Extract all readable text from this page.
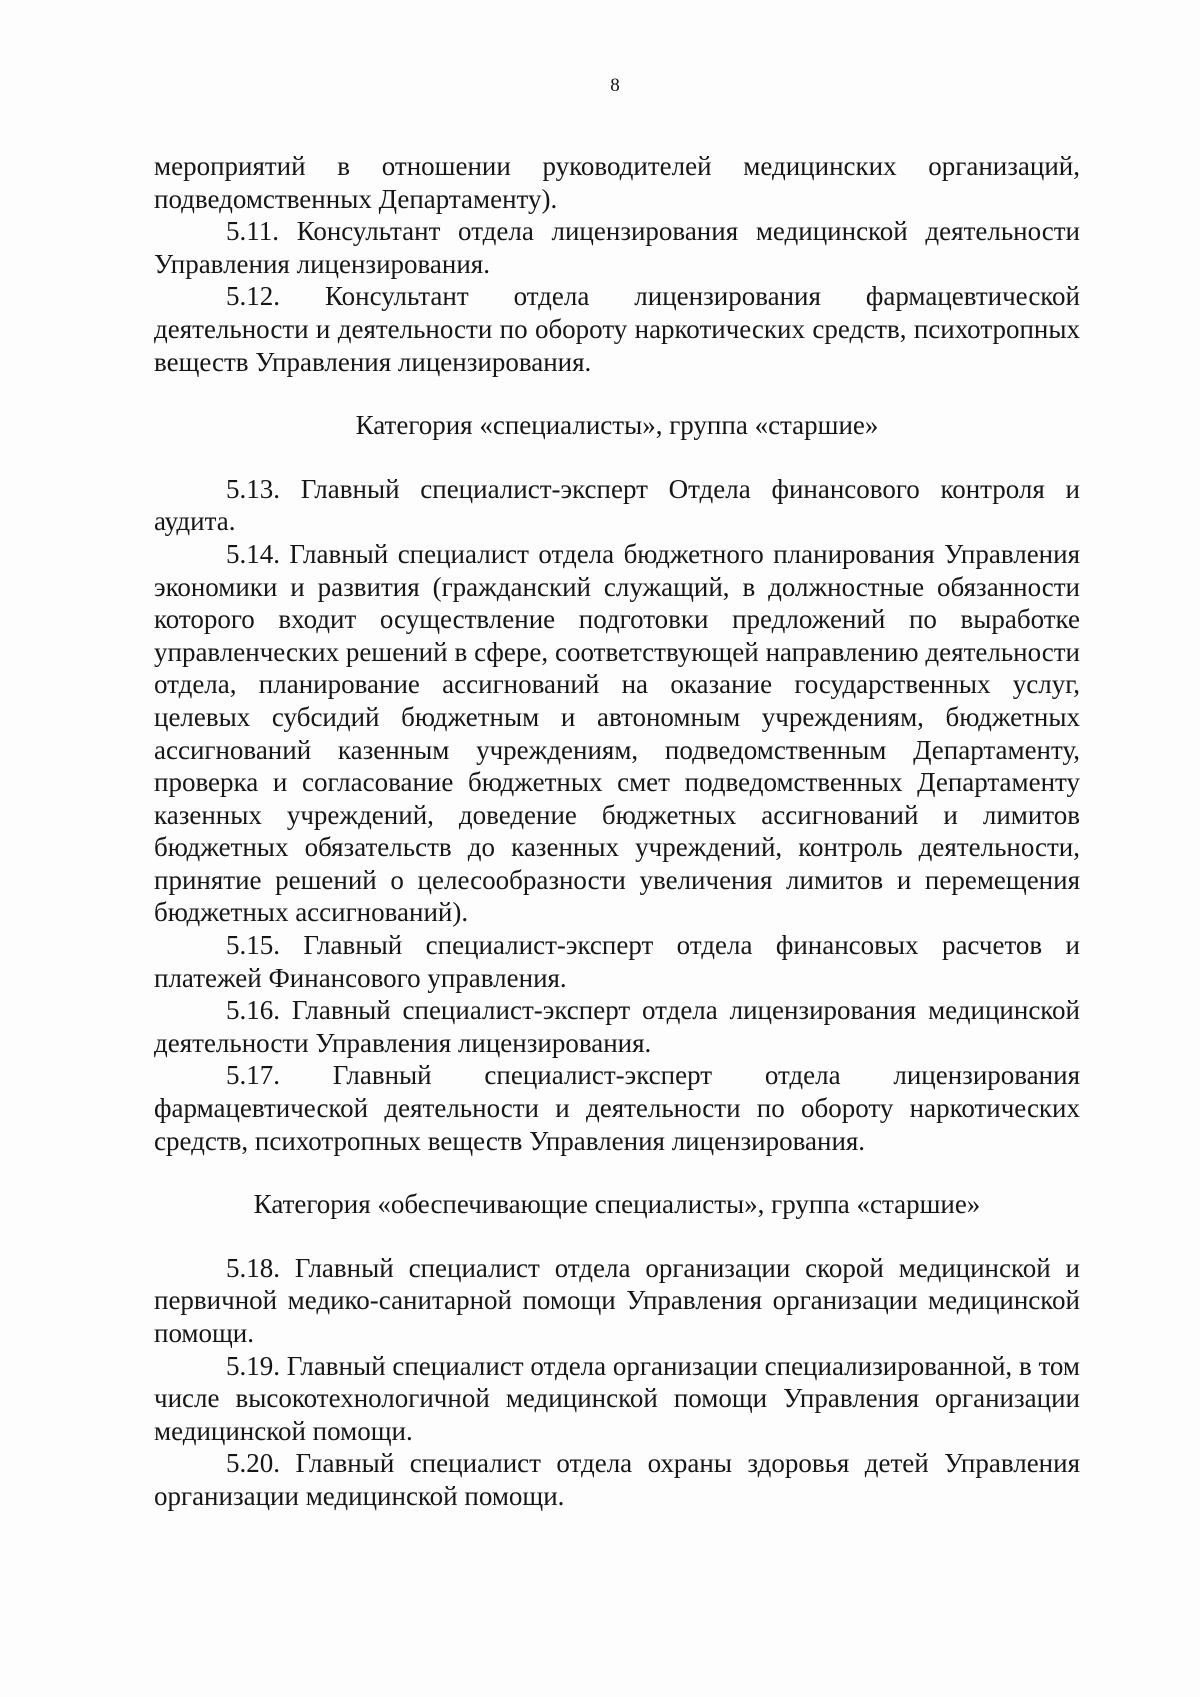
8

мероприятий в отношении руководителей медицинских организаций, подведомственных Департаменту).

5.11. Консультант отдела лицензирования медицинской деятельности Управления лицензирования.

5.12. Консультант отдела лицензирования фармацевтической деятельности и деятельности по обороту наркотических средств, психотропных веществ Управления лицензирования.

Категория «специалисты», группа «старшие»

5.13. Главный специалист-эксперт Отдела финансового контроля и аудита.

5.14. Главный специалист отдела бюджетного планирования Управления экономики и развития (гражданский служащий, в должностные обязанности которого входит осуществление подготовки предложений по выработке управленческих решений в сфере, соответствующей направлению деятельности отдела, планирование ассигнований на оказание государственных услуг, целевых субсидий бюджетным и автономным учреждениям, бюджетных ассигнований казенным учреждениям, подведомственным Департаменту, проверка и согласование бюджетных смет подведомственных Департаменту казенных учреждений, доведение бюджетных ассигнований и лимитов бюджетных обязательств до казенных учреждений, контроль деятельности, принятие решений о целесообразности увеличения лимитов и перемещения бюджетных ассигнований).

5.15. Главный специалист-эксперт отдела финансовых расчетов и платежей Финансового управления.

5.16. Главный специалист-эксперт отдела лицензирования медицинской деятельности Управления лицензирования.

5.17. Главный специалист-эксперт отдела лицензирования фармацевтической деятельности и деятельности по обороту наркотических средств, психотропных веществ Управления лицензирования.

Категория «обеспечивающие специалисты», группа «старшие»

5.18. Главный специалист отдела организации скорой медицинской и первичной медико-санитарной помощи Управления организации медицинской помощи.

5.19. Главный специалист отдела организации специализированной, в том числе высокотехнологичной медицинской помощи Управления организации медицинской помощи.

5.20. Главный специалист отдела охраны здоровья детей Управления организации медицинской помощи.
